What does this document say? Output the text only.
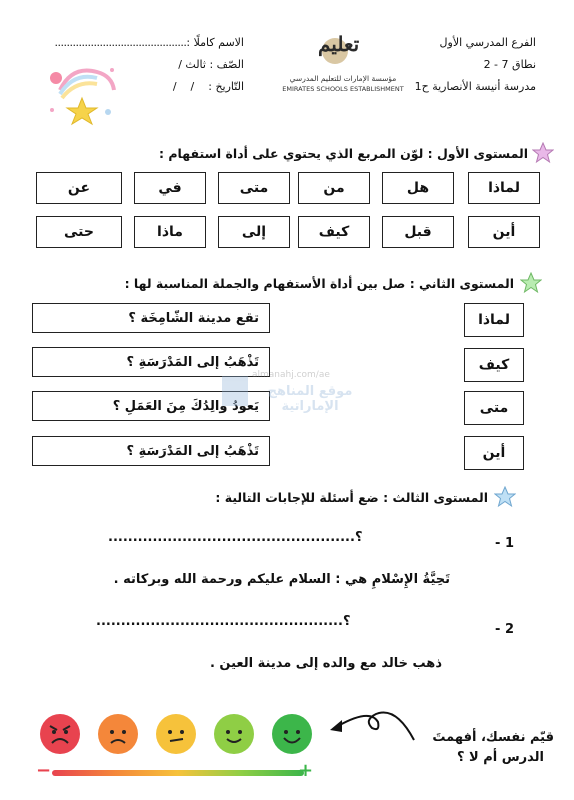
الفرع المدرسي الأول
نطاق 7 - 2
مدرسة أنيسة الأنصارية ح1
تعليم
مؤسسة الإمارات للتعليم المدرسي
EMIRATES SCHOOLS ESTABLISHMENT
الاسم كاملًا :
............................................
الصّف : ثالث /
التّاريخ :    /    /
المستوى الأول : لوّن المربع الذي يحتوي على أداة استفهام :
لماذا
هل
من
متى
في
عن
أين
قبل
كيف
إلى
ماذا
حتى
المستوى الثاني : صل بين أداة الأستفهام والجملة المناسبة لها :
لماذا
كيف
متى
أين
تقع مدينة الشّامِخَة ؟
تَذْهَبُ إلى المَدْرَسَةِ ؟
يَعودُ والِدُكَ مِنَ العَمَلِ ؟
تَذْهَبُ إلى المَدْرَسَةِ ؟
almanahj.com/ae
موقع المناهج الإماراتية
المستوى الثالث : ضع أسئلة للإجابات التالية :
1 -
..................................................؟
تَحِيَّةُ الإِسْلامِ هي : السلام عليكم ورحمة الله وبركاته .
2 -
..................................................؟
ذهب خالد مع والده إلى مدينة العين .
−	+
قيّم نفسك، أفهمتَ
الدرس أم لا ؟
